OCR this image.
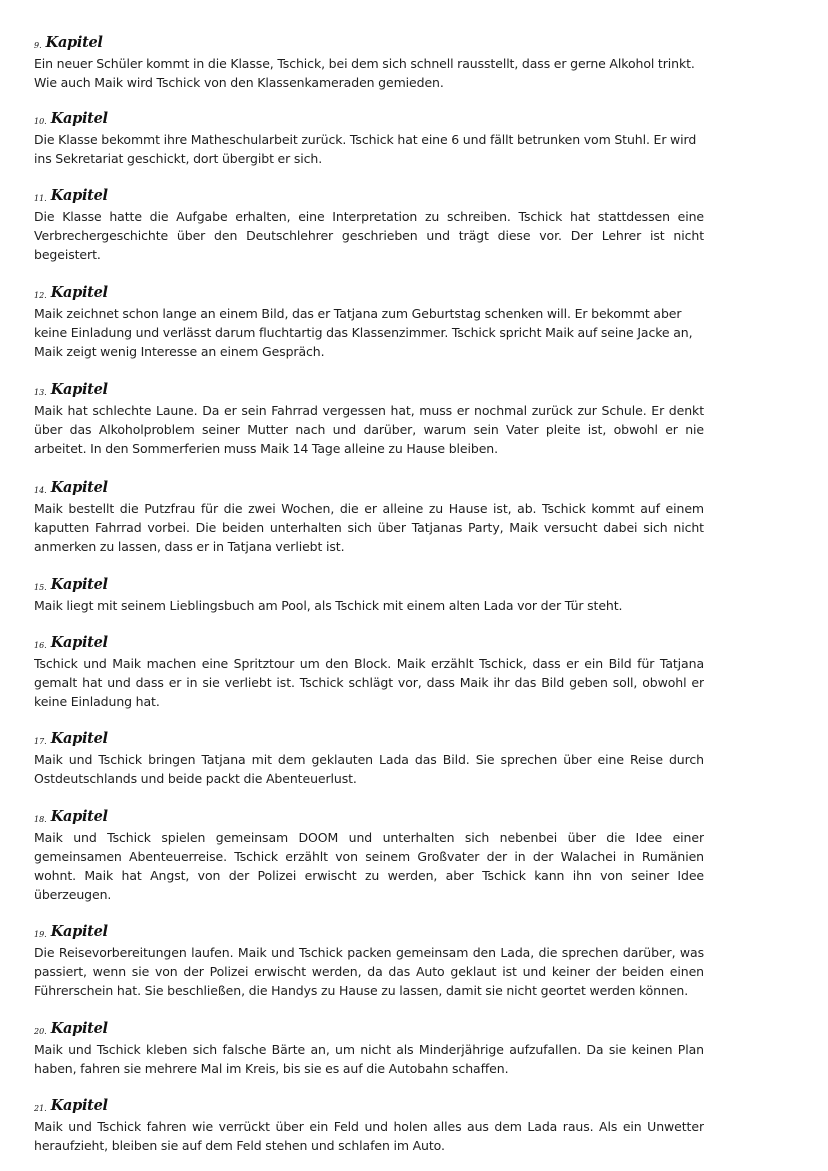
9. Kapitel
Ein neuer Schüler kommt in die Klasse, Tschick, bei dem sich schnell rausstellt, dass er gerne Alkohol trinkt.
Wie auch Maik wird Tschick von den Klassenkameraden gemieden.
10. Kapitel
Die Klasse bekommt ihre Matheschularbeit zurück. Tschick hat eine 6 und fällt betrunken vom Stuhl. Er wird
ins Sekretariat geschickt, dort übergibt er sich.
11. Kapitel
Die Klasse hatte die Aufgabe erhalten, eine Interpretation zu schreiben. Tschick hat stattdessen eine
Verbrechergeschichte über den Deutschlehrer geschrieben und trägt diese vor. Der Lehrer ist nicht
begeistert.
12. Kapitel
Maik zeichnet schon lange an einem Bild, das er Tatjana zum Geburtstag schenken will. Er bekommt aber
keine Einladung und verlässt darum fluchtartig das Klassenzimmer. Tschick spricht Maik auf seine Jacke an,
Maik zeigt wenig Interesse an einem Gespräch.
13. Kapitel
Maik hat schlechte Laune. Da er sein Fahrrad vergessen hat, muss er nochmal zurück zur Schule. Er denkt
über das Alkoholproblem seiner Mutter nach und darüber, warum sein Vater pleite ist, obwohl er nie
arbeitet. In den Sommerferien muss Maik 14 Tage alleine zu Hause bleiben.
14. Kapitel
Maik bestellt die Putzfrau für die zwei Wochen, die er alleine zu Hause ist, ab. Tschick kommt auf einem
kaputten Fahrrad vorbei. Die beiden unterhalten sich über Tatjanas Party, Maik versucht dabei sich nicht
anmerken zu lassen, dass er in Tatjana verliebt ist.
15. Kapitel
Maik liegt mit seinem Lieblingsbuch am Pool, als Tschick mit einem alten Lada vor der Tür steht.
16. Kapitel
Tschick und Maik machen eine Spritztour um den Block. Maik erzählt Tschick, dass er ein Bild für Tatjana
gemalt hat und dass er in sie verliebt ist. Tschick schlägt vor, dass Maik ihr das Bild geben soll, obwohl er
keine Einladung hat.
17. Kapitel
Maik und Tschick bringen Tatjana mit dem geklauten Lada das Bild. Sie sprechen über eine Reise durch
Ostdeutschlands und beide packt die Abenteuerlust.
18. Kapitel
Maik und Tschick spielen gemeinsam DOOM und unterhalten sich nebenbei über die Idee einer
gemeinsamen Abenteuerreise. Tschick erzählt von seinem Großvater der in der Walachei in Rumänien
wohnt. Maik hat Angst, von der Polizei erwischt zu werden, aber Tschick kann ihn von seiner Idee
überzeugen.
19. Kapitel
Die Reisevorbereitungen laufen. Maik und Tschick packen gemeinsam den Lada, die sprechen darüber, was
passiert, wenn sie von der Polizei erwischt werden, da das Auto geklaut ist und keiner der beiden einen
Führerschein hat. Sie beschließen, die Handys zu Hause zu lassen, damit sie nicht geortet werden können.
20. Kapitel
Maik und Tschick kleben sich falsche Bärte an, um nicht als Minderjährige aufzufallen. Da sie keinen Plan
haben, fahren sie mehrere Mal im Kreis, bis sie es auf die Autobahn schaffen.
21. Kapitel
Maik und Tschick fahren wie verrückt über ein Feld und holen alles aus dem Lada raus. Als ein Unwetter
heraufzieht, bleiben sie auf dem Feld stehen und schlafen im Auto.
